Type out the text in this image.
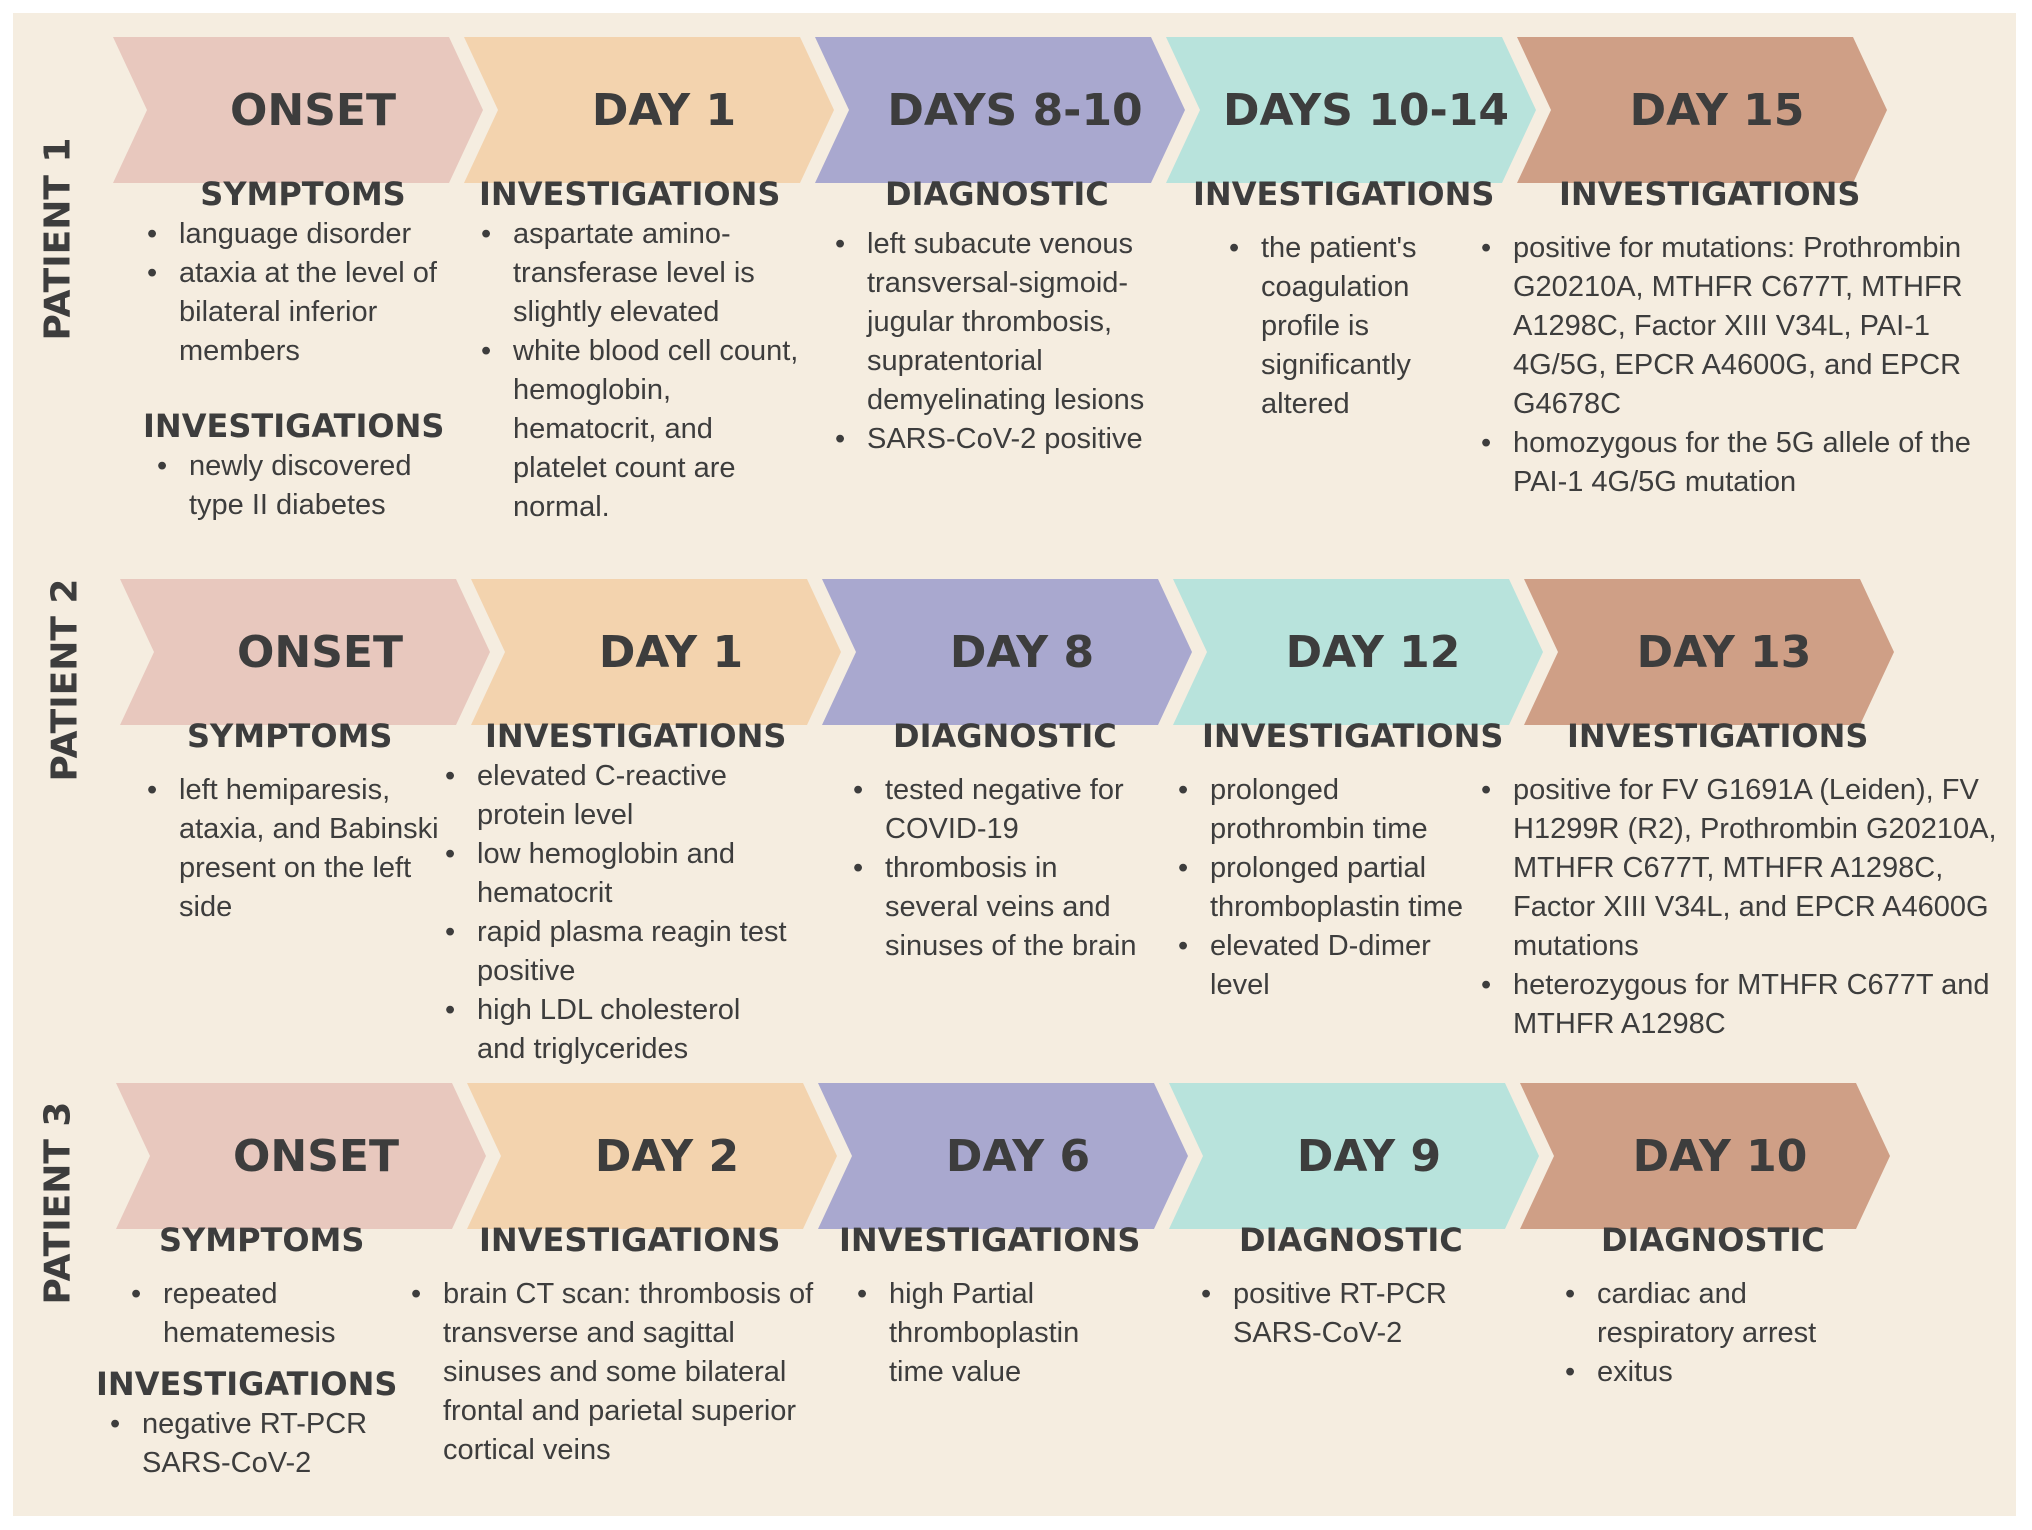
PATIENT 1
ONSET	DAY 1	DAYS 8-10	DAYS 10-14	DAY 15
SYMPTOMS
• language disorder
• ataxia at the level of bilateral inferior members
INVESTIGATIONS
• newly discovered type II diabetes
INVESTIGATIONS
• aspartate amino-transferase level is slightly elevated
• white blood cell count, hemoglobin, hematocrit, and platelet count are normal.
DIAGNOSTIC
• left subacute venous transversal-sigmoid-jugular thrombosis, supratentorial demyelinating lesions
• SARS-CoV-2 positive
INVESTIGATIONS
• the patient's coagulation profile is significantly altered
INVESTIGATIONS
• positive for mutations: Prothrombin G20210A, MTHFR C677T, MTHFR A1298C, Factor XIII V34L, PAI-1 4G/5G, EPCR A4600G, and EPCR G4678C
• homozygous for the 5G allele of the PAI-1 4G/5G mutation
PATIENT 2	ONSET	DAY 1	DAY 8	DAY 12	DAY 13
SYMPTOMS
• left hemiparesis, ataxia, and Babinski present on the left side
INVESTIGATIONS
• elevated C-reactive protein level
• low hemoglobin and hematocrit
• rapid plasma reagin test positive
• high LDL cholesterol and triglycerides
DIAGNOSTIC
• tested negative for COVID-19
• thrombosis in several veins and sinuses of the brain
INVESTIGATIONS
• prolonged prothrombin time
• prolonged partial thromboplastin time
• elevated D-dimer level
INVESTIGATIONS
• positive for FV G1691A (Leiden), FV H1299R (R2), Prothrombin G20210A, MTHFR C677T, MTHFR A1298C, Factor XIII V34L, and EPCR A4600G mutations
• heterozygous for MTHFR C677T and MTHFR A1298C
PATIENT 3	ONSET	DAY 2	DAY 6	DAY 9	DAY 10
SYMPTOMS
• repeated hematemesis
INVESTIGATIONS
• negative RT-PCR SARS-CoV-2
INVESTIGATIONS
• brain CT scan: thrombosis of transverse and sagittal sinuses and some bilateral frontal and parietal superior cortical veins
INVESTIGATIONS
• high Partial thromboplastin time value
DIAGNOSTIC
• positive RT-PCR SARS-CoV-2
DIAGNOSTIC
• cardiac and respiratory arrest
• exitus
